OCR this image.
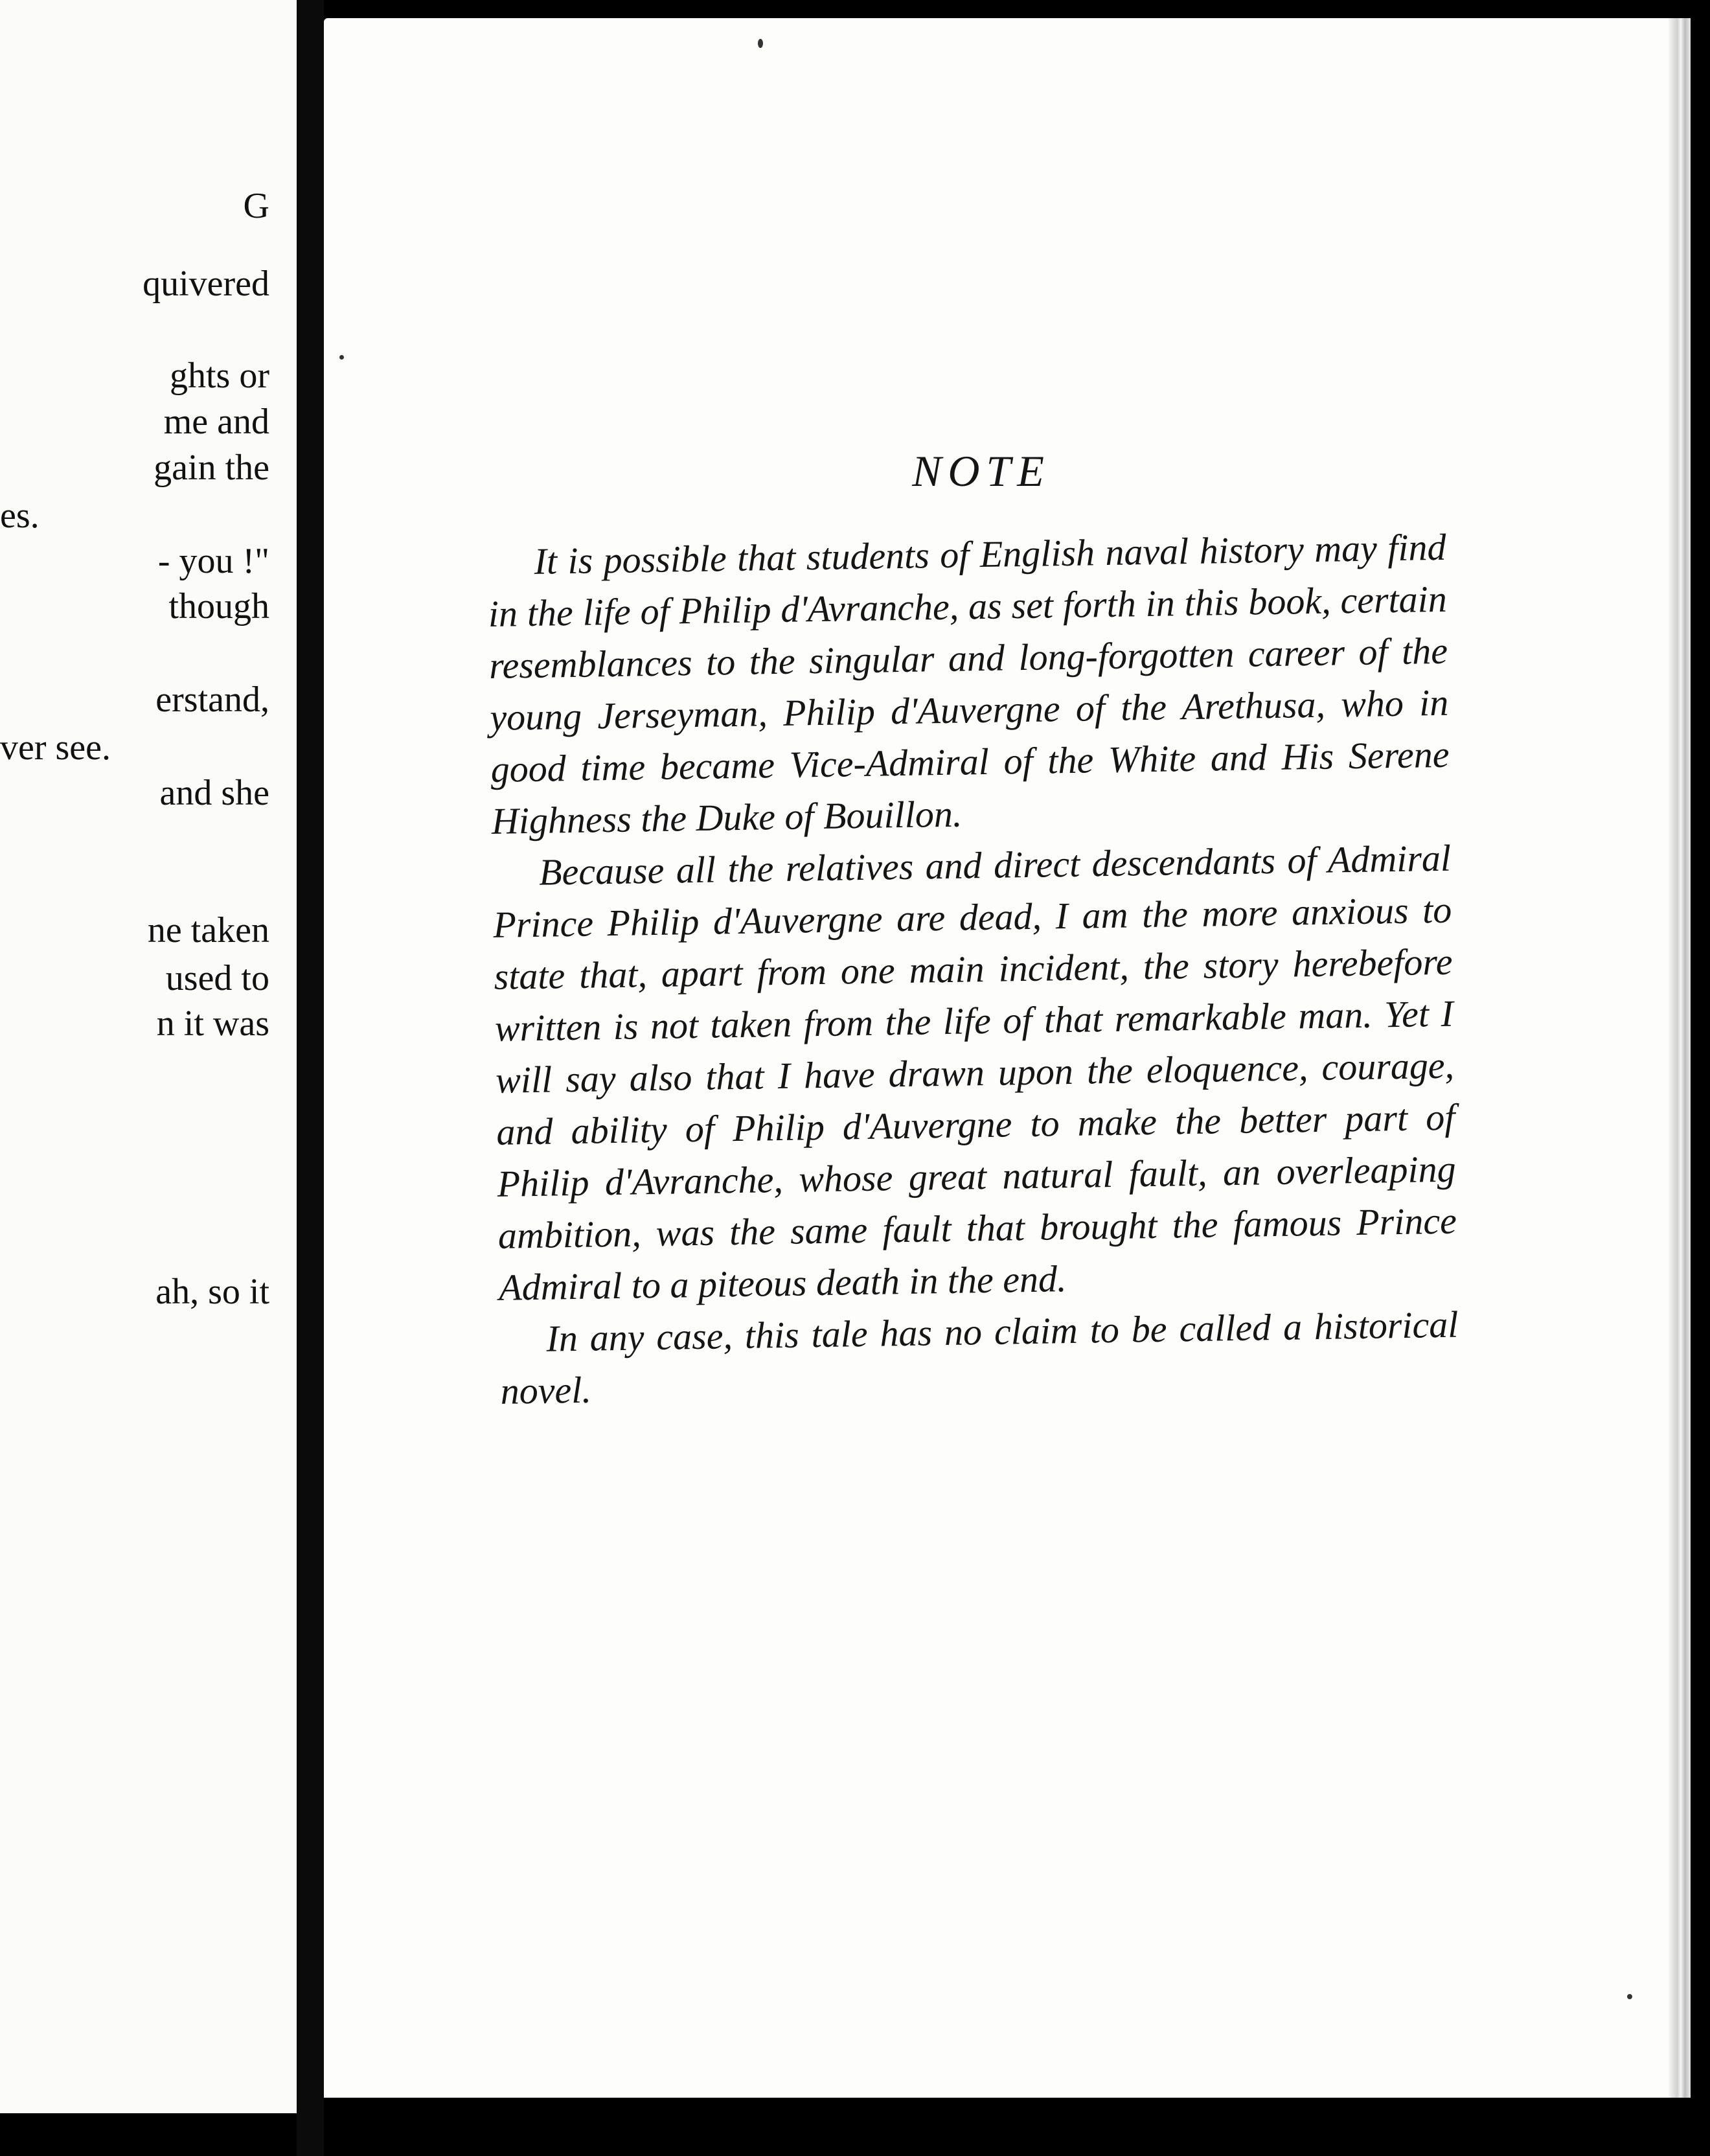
G
quivered
ghts or
me and
gain the
es.
- you !"
though
erstand,
ver see.
and she
ne taken
used to
n it was
ah, so it
NOTE

It is possible that students of English naval history may find in the life of Philip d'Avranche, as set forth in this book, certain resemblances to the singular and long-forgotten career of the young Jerseyman, Philip d'Auvergne of the Arethusa, who in good time became Vice-Admiral of the White and His Serene Highness the Duke of Bouillon.

Because all the relatives and direct descendants of Admiral Prince Philip d'Auvergne are dead, I am the more anxious to state that, apart from one main incident, the story herebefore written is not taken from the life of that remarkable man. Yet I will say also that I have drawn upon the eloquence, courage, and ability of Philip d'Auvergne to make the better part of Philip d'Avranche, whose great natural fault, an overleaping ambition, was the same fault that brought the famous Prince Admiral to a piteous death in the end.

In any case, this tale has no claim to be called a historical novel.
